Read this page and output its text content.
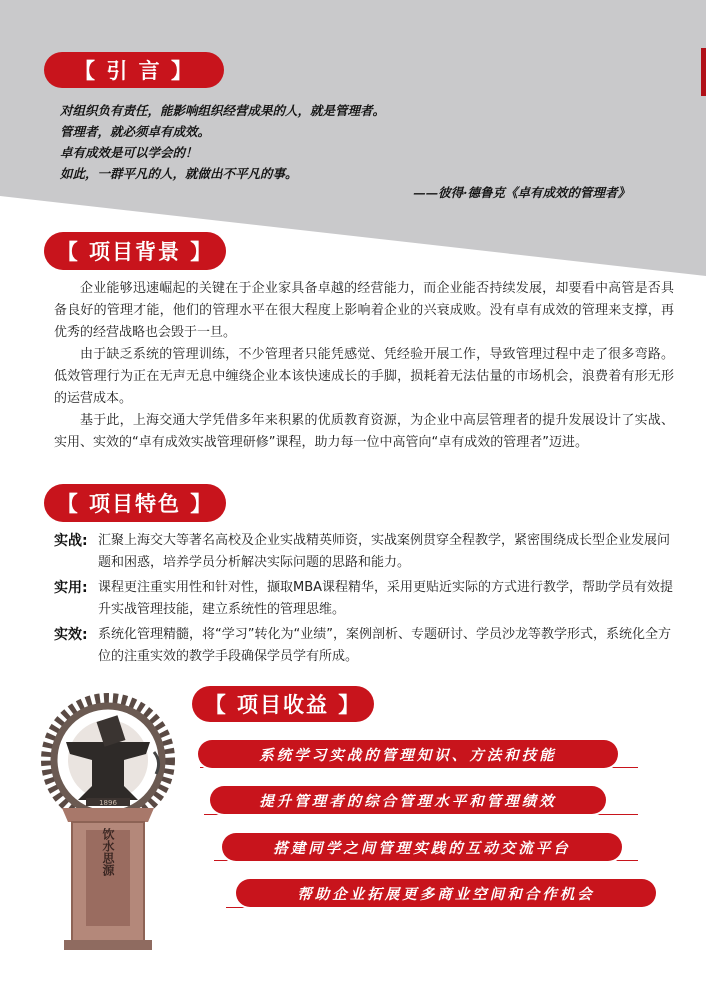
【 引 言 】
对组织负有责任，能影响组织经营成果的人，就是管理者。
管理者，就必须卓有成效。
卓有成效是可以学会的！
如此，一群平凡的人，就做出不平凡的事。
——彼得·德鲁克《卓有成效的管理者》
【 项目背景 】

企业能够迅速崛起的关键在于企业家具备卓越的经营能力，而企业能否持续发展，却要看中高管是否具备良好的管理才能，他们的管理水平在很大程度上影响着企业的兴衰成败。没有卓有成效的管理来支撑，再优秀的经营战略也会毁于一旦。

由于缺乏系统的管理训练，不少管理者只能凭感觉、凭经验开展工作，导致管理过程中走了很多弯路。低效管理行为正在无声无息中缠绕企业本该快速成长的手脚，损耗着无法估量的市场机会，浪费着有形无形的运营成本。

基于此，上海交通大学凭借多年来积累的优质教育资源，为企业中高层管理者的提升发展设计了实战、实用、实效的“卓有成效实战管理研修”课程，助力每一位中高管向“卓有成效的管理者”迈进。

【 项目特色 】
实战: 汇聚上海交大等著名高校及企业实战精英师资，实战案例贯穿全程教学，紧密围绕成长型企业发展问题和困惑，培养学员分析解决实际问题的思路和能力。
实用: 课程更注重实用性和针对性，撷取MBA课程精华，采用更贴近实际的方式进行教学，帮助学员有效提升实战管理技能，建立系统性的管理思维。
实效: 系统化管理精髓，将“学习”转化为“业绩”，案例剖析、专题研讨、学员沙龙等教学形式，系统化全方位的注重实效的教学手段确保学员学有所成。
1896
饮水思源
【 项目收益 】
系统学习实战的管理知识、方法和技能
提升管理者的综合管理水平和管理绩效
搭建同学之间管理实践的互动交流平台
帮助企业拓展更多商业空间和合作机会
